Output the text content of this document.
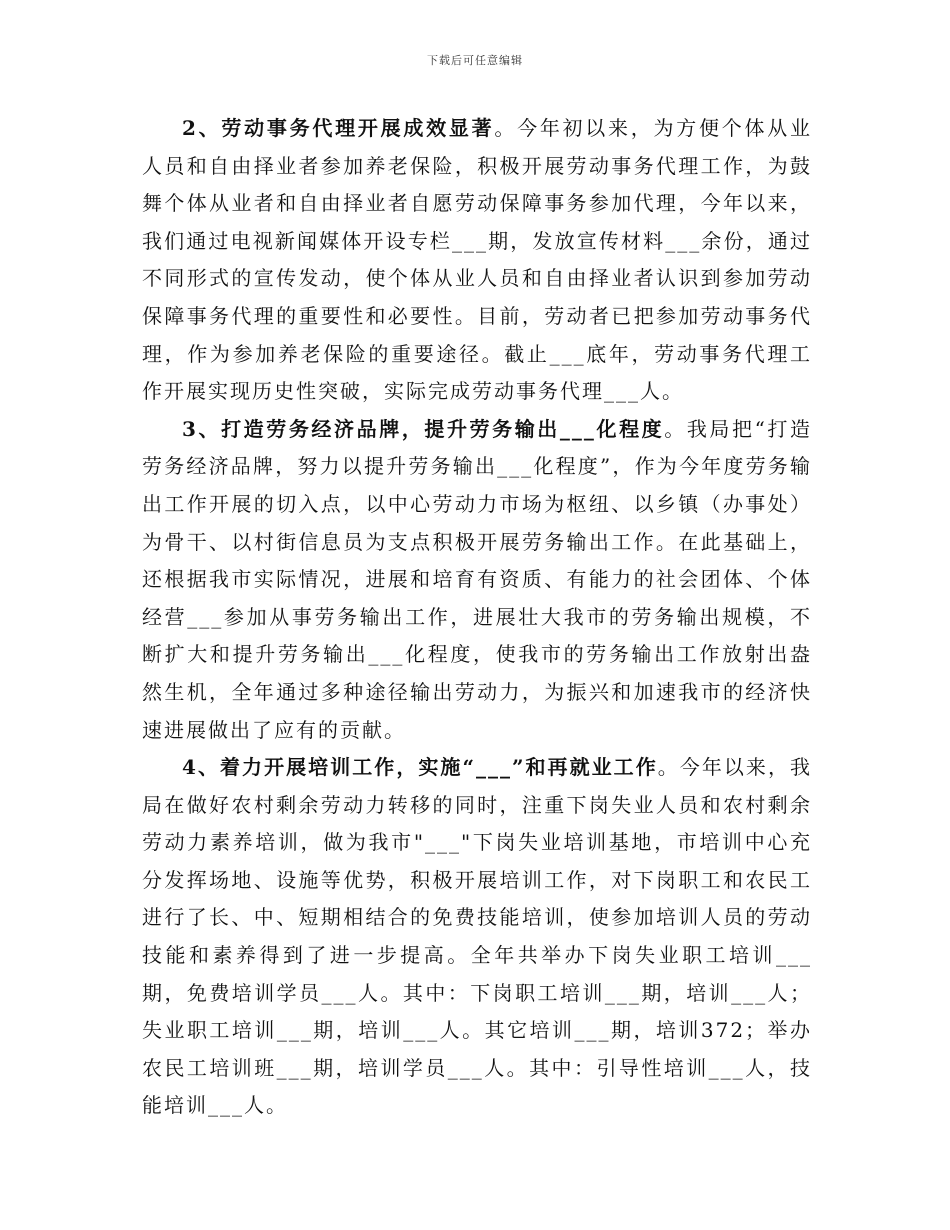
下载后可任意编辑

2、劳动事务代理开展成效显著。今年初以来，为方便个体从业人员和自由择业者参加养老保险，积极开展劳动事务代理工作，为鼓舞个体从业者和自由择业者自愿劳动保障事务参加代理，今年以来，我们通过电视新闻媒体开设专栏___期，发放宣传材料___余份，通过不同形式的宣传发动，使个体从业人员和自由择业者认识到参加劳动保障事务代理的重要性和必要性。目前，劳动者已把参加劳动事务代理，作为参加养老保险的重要途径。截止___底年，劳动事务代理工作开展实现历史性突破，实际完成劳动事务代理___人。

3、打造劳务经济品牌，提升劳务输出___化程度。我局把“打造劳务经济品牌，努力以提升劳务输出___化程度”，作为今年度劳务输出工作开展的切入点，以中心劳动力市场为枢纽、以乡镇（办事处）为骨干、以村街信息员为支点积极开展劳务输出工作。在此基础上，还根据我市实际情况，进展和培育有资质、有能力的社会团体、个体经营___参加从事劳务输出工作，进展壮大我市的劳务输出规模，不断扩大和提升劳务输出___化程度，使我市的劳务输出工作放射出盎然生机，全年通过多种途径输出劳动力，为振兴和加速我市的经济快速进展做出了应有的贡献。

4、着力开展培训工作，实施“___”和再就业工作。今年以来，我局在做好农村剩余劳动力转移的同时，注重下岗失业人员和农村剩余劳动力素养培训，做为我市"___"下岗失业培训基地，市培训中心充分发挥场地、设施等优势，积极开展培训工作，对下岗职工和农民工进行了长、中、短期相结合的免费技能培训，使参加培训人员的劳动技能和素养得到了进一步提高。全年共举办下岗失业职工培训___期，免费培训学员___人。其中：下岗职工培训___期，培训___人；失业职工培训___期，培训___人。其它培训___期，培训372；举办农民工培训班___期，培训学员___人。其中：引导性培训___人，技能培训___人。
